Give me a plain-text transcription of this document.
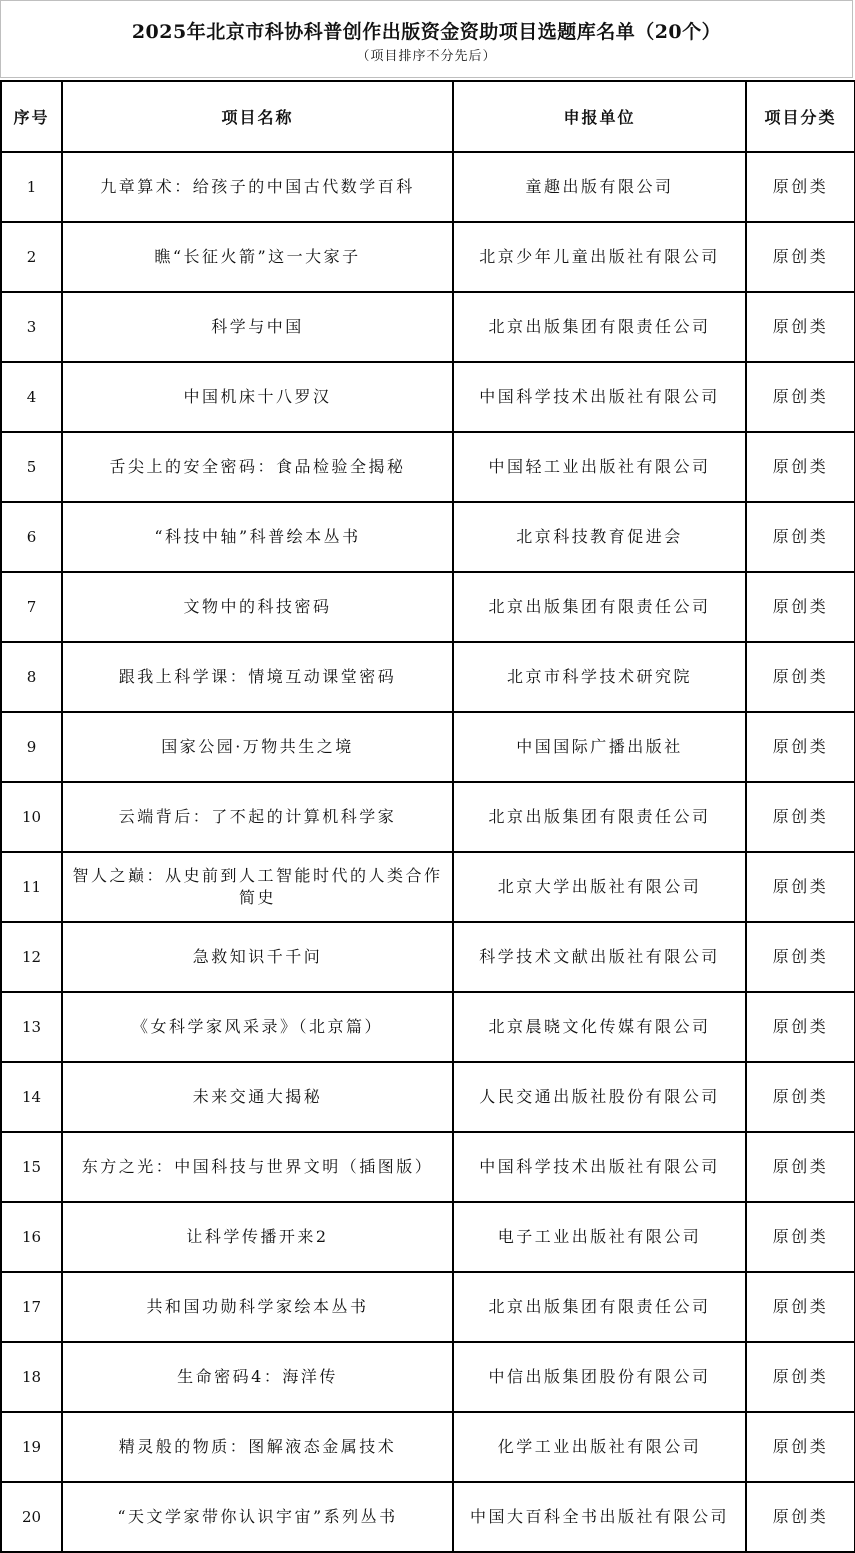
2025年北京市科协科普创作出版资金资助项目选题库名单（20个）
（项目排序不分先后）
序号	项目名称	申报单位	项目分类
1	九章算术：给孩子的中国古代数学百科	童趣出版有限公司	原创类
2	瞧“长征火箭”这一大家子	北京少年儿童出版社有限公司	原创类
3	科学与中国	北京出版集团有限责任公司	原创类
4	中国机床十八罗汉	中国科学技术出版社有限公司	原创类
5	舌尖上的安全密码：食品检验全揭秘	中国轻工业出版社有限公司	原创类
6	“科技中轴”科普绘本丛书	北京科技教育促进会	原创类
7	文物中的科技密码	北京出版集团有限责任公司	原创类
8	跟我上科学课：情境互动课堂密码	北京市科学技术研究院	原创类
9	国家公园·万物共生之境	中国国际广播出版社	原创类
10	云端背后：了不起的计算机科学家	北京出版集团有限责任公司	原创类
11	智人之巅：从史前到人工智能时代的人类合作简史	北京大学出版社有限公司	原创类
12	急救知识千千问	科学技术文献出版社有限公司	原创类
13	《女科学家风采录》（北京篇）	北京晨晓文化传媒有限公司	原创类
14	未来交通大揭秘	人民交通出版社股份有限公司	原创类
15	东方之光：中国科技与世界文明（插图版）	中国科学技术出版社有限公司	原创类
16	让科学传播开来2	电子工业出版社有限公司	原创类
17	共和国功勋科学家绘本丛书	北京出版集团有限责任公司	原创类
18	生命密码4：海洋传	中信出版集团股份有限公司	原创类
19	精灵般的物质：图解液态金属技术	化学工业出版社有限公司	原创类
20	“天文学家带你认识宇宙”系列丛书	中国大百科全书出版社有限公司	原创类
